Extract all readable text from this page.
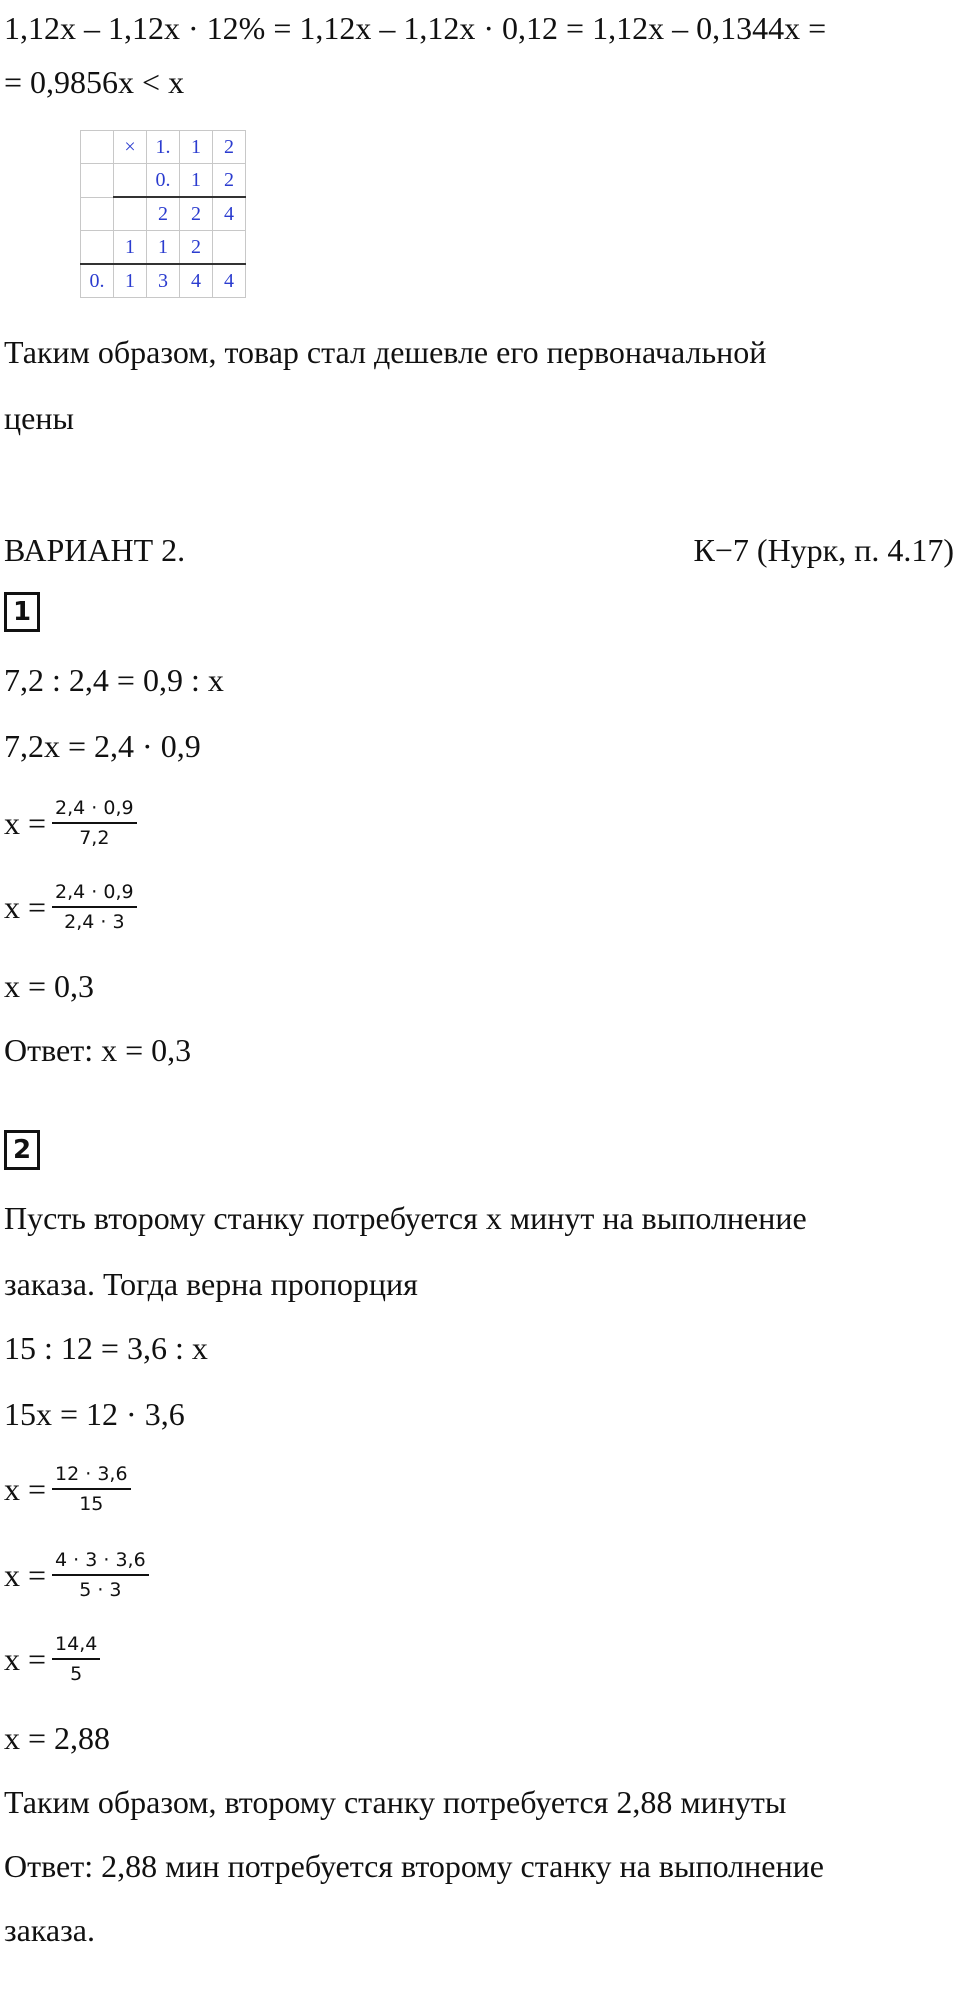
1,12x – 1,12x · 12% = 1,12x – 1,12x · 0,12 = 1,12x – 0,1344x =
= 0,9856x < x
	×	1.	1	2
		0.	1	2
		2	2	4
	1	1	2	
0.	1	3	4	4
Таким образом, товар стал дешевле его первоначальной
цены
ВАРИАНТ 2.	К−7 (Нурк, п. 4.17)
1
7,2 : 2,4 = 0,9 : x
7,2x = 2,4 · 0,9
$x = \frac{2,4 \cdot 0,9}{7,2}$
$x = \frac{2,4 \cdot 0,9}{2,4 \cdot 3}$
x = 0,3
Ответ: x = 0,3
2
Пусть второму станку потребуется x минут на выполнение
заказа. Тогда верна пропорция
15 : 12 = 3,6 : x
15x = 12 · 3,6
$x = \frac{12 \cdot 3,6}{15}$
$x = \frac{4 \cdot 3 \cdot 3,6}{5 \cdot 3}$
$x = \frac{14,4}{5}$
x = 2,88
Таким образом, второму станку потребуется 2,88 минуты
Ответ: 2,88 мин потребуется второму станку на выполнение
заказа.
